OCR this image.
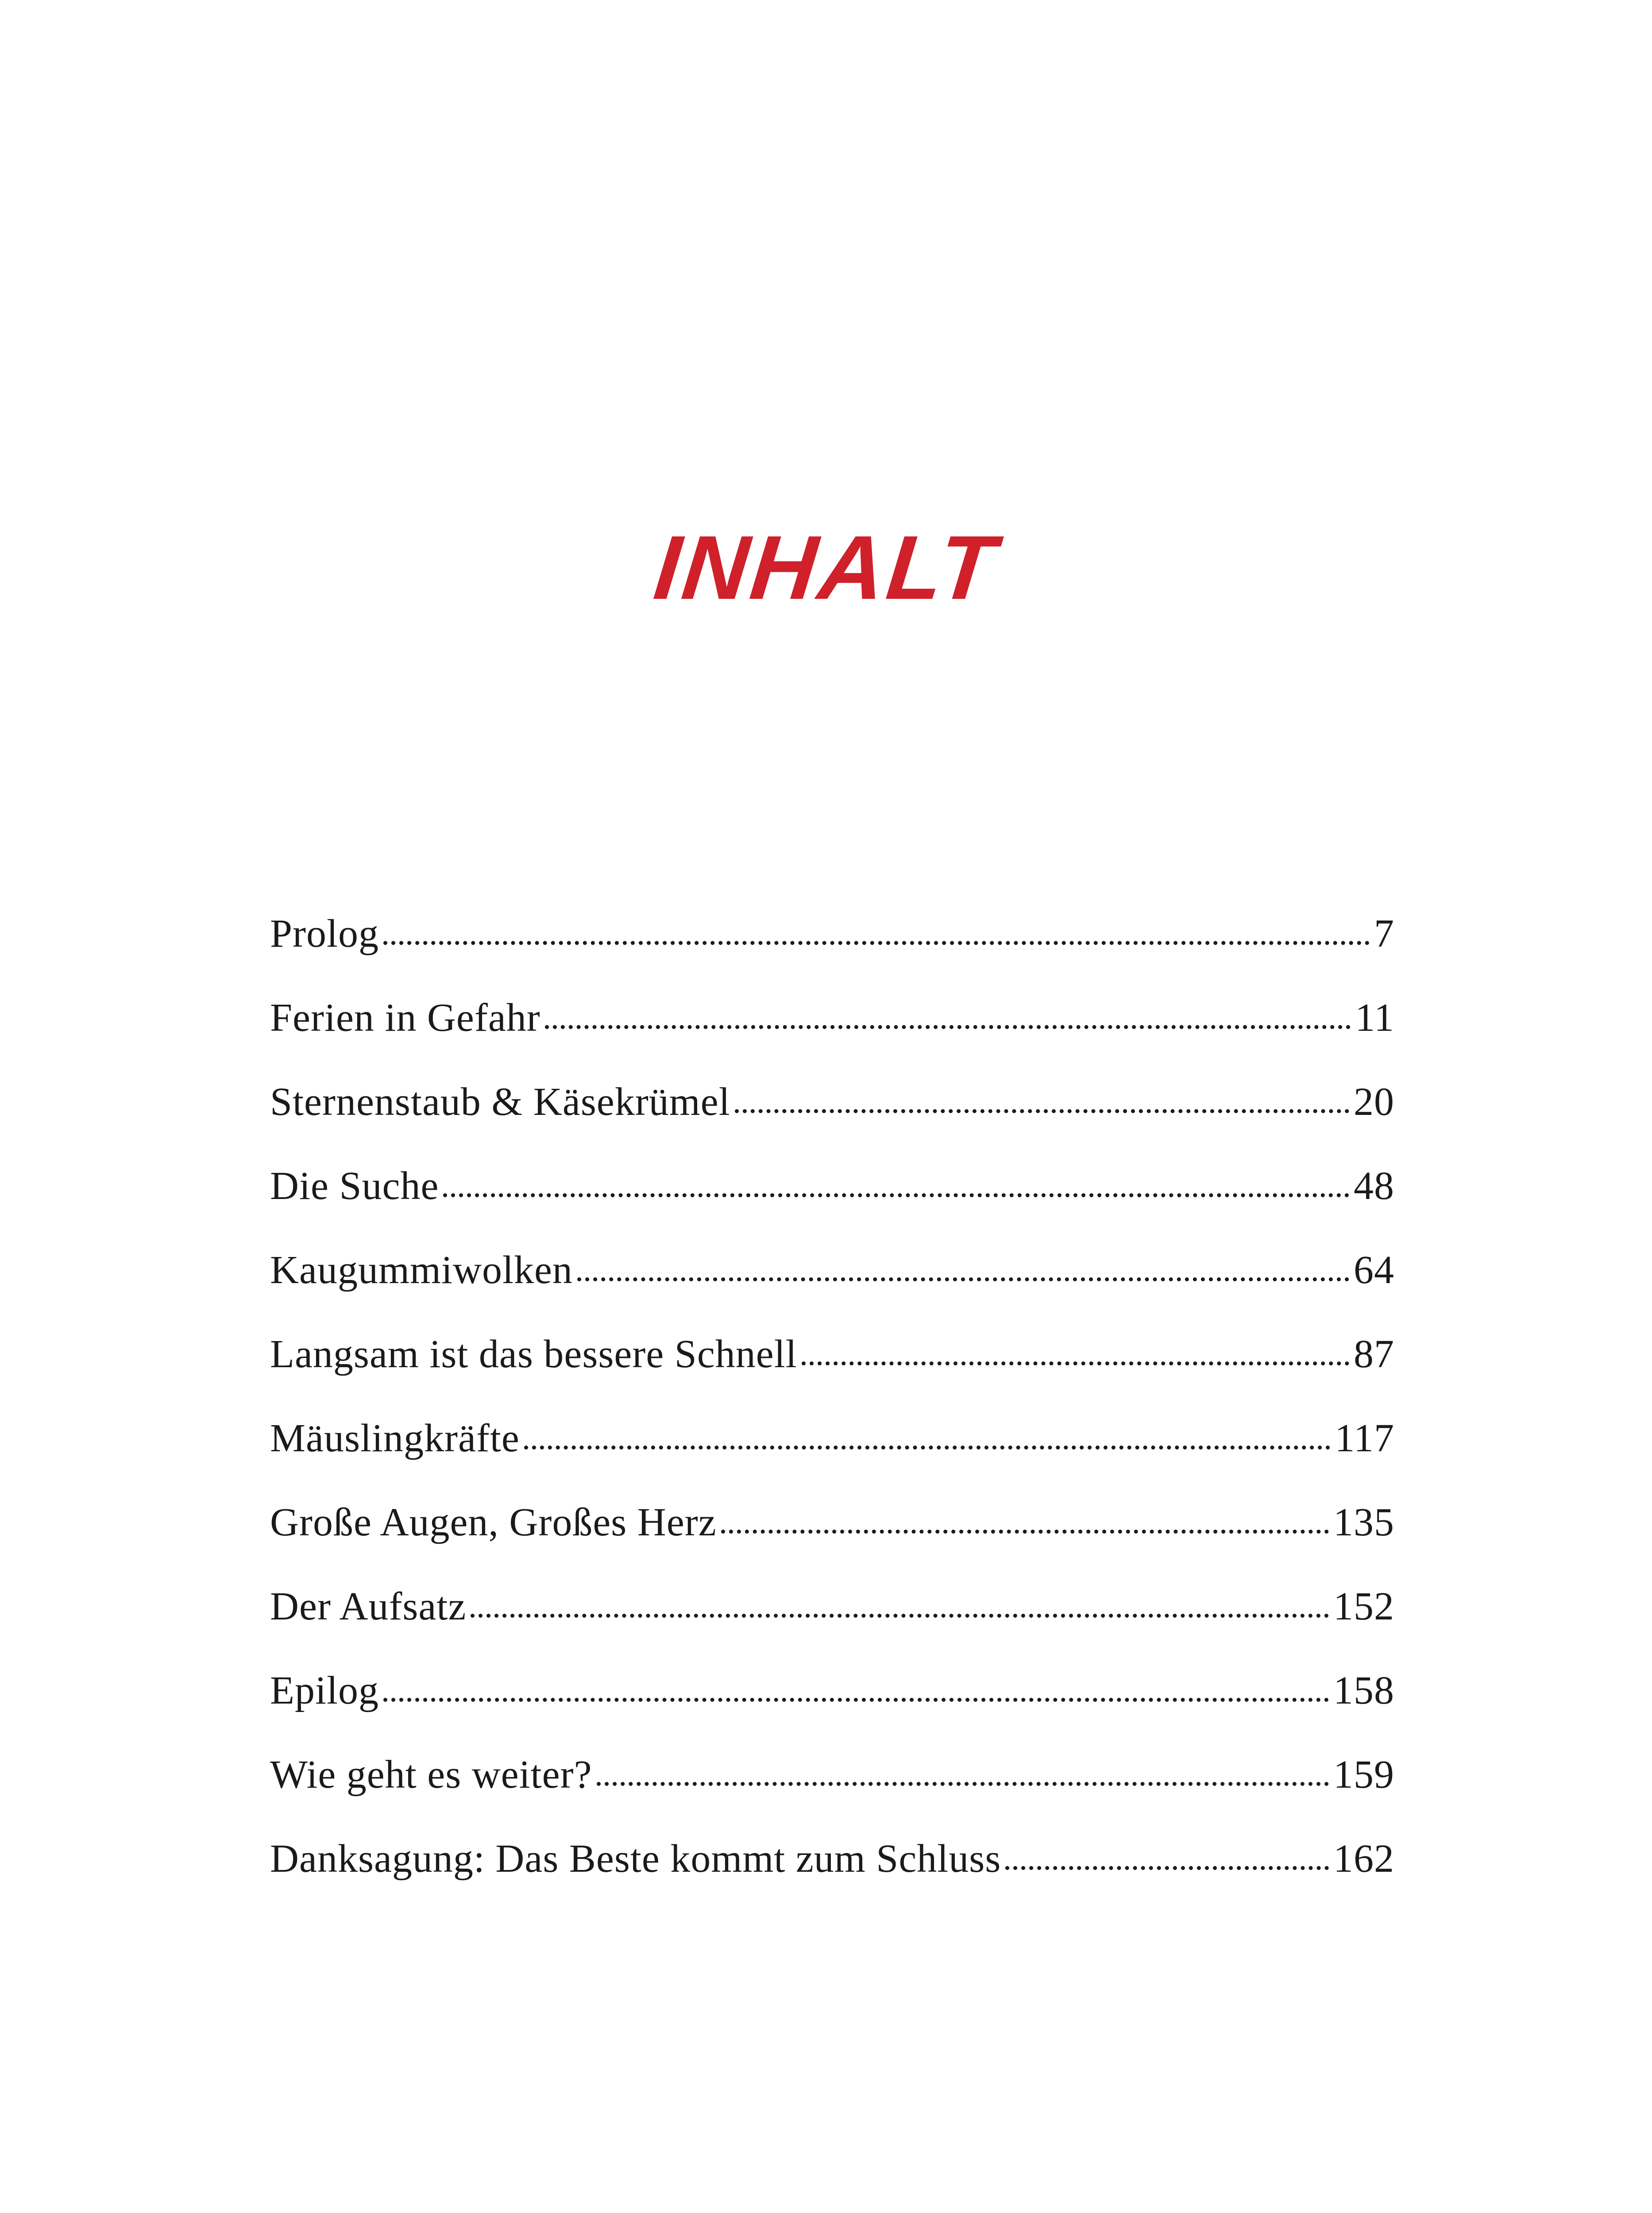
INHALT
Prolog	7
Ferien in Gefahr	11
Sternenstaub & Käsekrümel	20
Die Suche	48
Kaugummiwolken	64
Langsam ist das bessere Schnell	87
Mäuslingkräfte	117
Große Augen, Großes Herz	135
Der Aufsatz	152
Epilog	158
Wie geht es weiter?	159
Danksagung: Das Beste kommt zum Schluss	162
